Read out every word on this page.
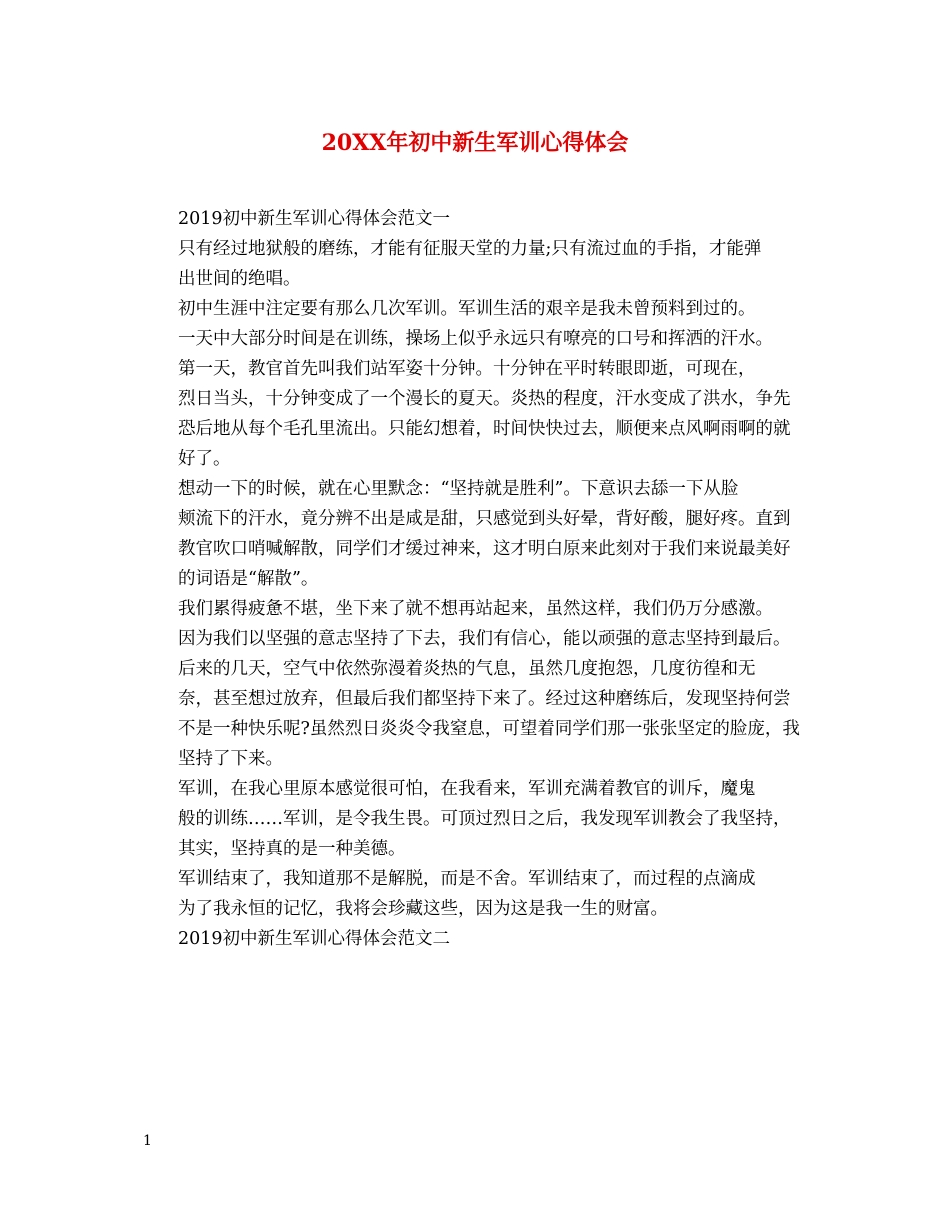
20XX年初中新生军训心得体会

2019初中新生军训心得体会范文一

只有经过地狱般的磨练，才能有征服天堂的力量;只有流过血的手指，才能弹
出世间的绝唱。

初中生涯中注定要有那么几次军训。军训生活的艰辛是我未曾预料到过的。
一天中大部分时间是在训练，操场上似乎永远只有嘹亮的口号和挥洒的汗水。

第一天，教官首先叫我们站军姿十分钟。十分钟在平时转眼即逝，可现在，
烈日当头，十分钟变成了一个漫长的夏天。炎热的程度，汗水变成了洪水，争先
恐后地从每个毛孔里流出。只能幻想着，时间快快过去，顺便来点风啊雨啊的就
好了。

想动一下的时候，就在心里默念：“坚持就是胜利”。下意识去舔一下从脸
颊流下的汗水，竟分辨不出是咸是甜，只感觉到头好晕，背好酸，腿好疼。直到
教官吹口哨喊解散，同学们才缓过神来，这才明白原来此刻对于我们来说最美好
的词语是“解散”。

我们累得疲惫不堪，坐下来了就不想再站起来，虽然这样，我们仍万分感激。
因为我们以坚强的意志坚持了下去，我们有信心，能以顽强的意志坚持到最后。

后来的几天，空气中依然弥漫着炎热的气息，虽然几度抱怨，几度彷徨和无
奈，甚至想过放弃，但最后我们都坚持下来了。经过这种磨练后，发现坚持何尝
不是一种快乐呢?虽然烈日炎炎令我窒息，可望着同学们那一张张坚定的脸庞，我
坚持了下来。

军训，在我心里原本感觉很可怕，在我看来，军训充满着教官的训斥，魔鬼
般的训练……军训，是令我生畏。可顶过烈日之后，我发现军训教会了我坚持，
其实，坚持真的是一种美德。

军训结束了，我知道那不是解脱，而是不舍。军训结束了，而过程的点滴成
为了我永恒的记忆，我将会珍藏这些，因为这是我一生的财富。

2019初中新生军训心得体会范文二

1
